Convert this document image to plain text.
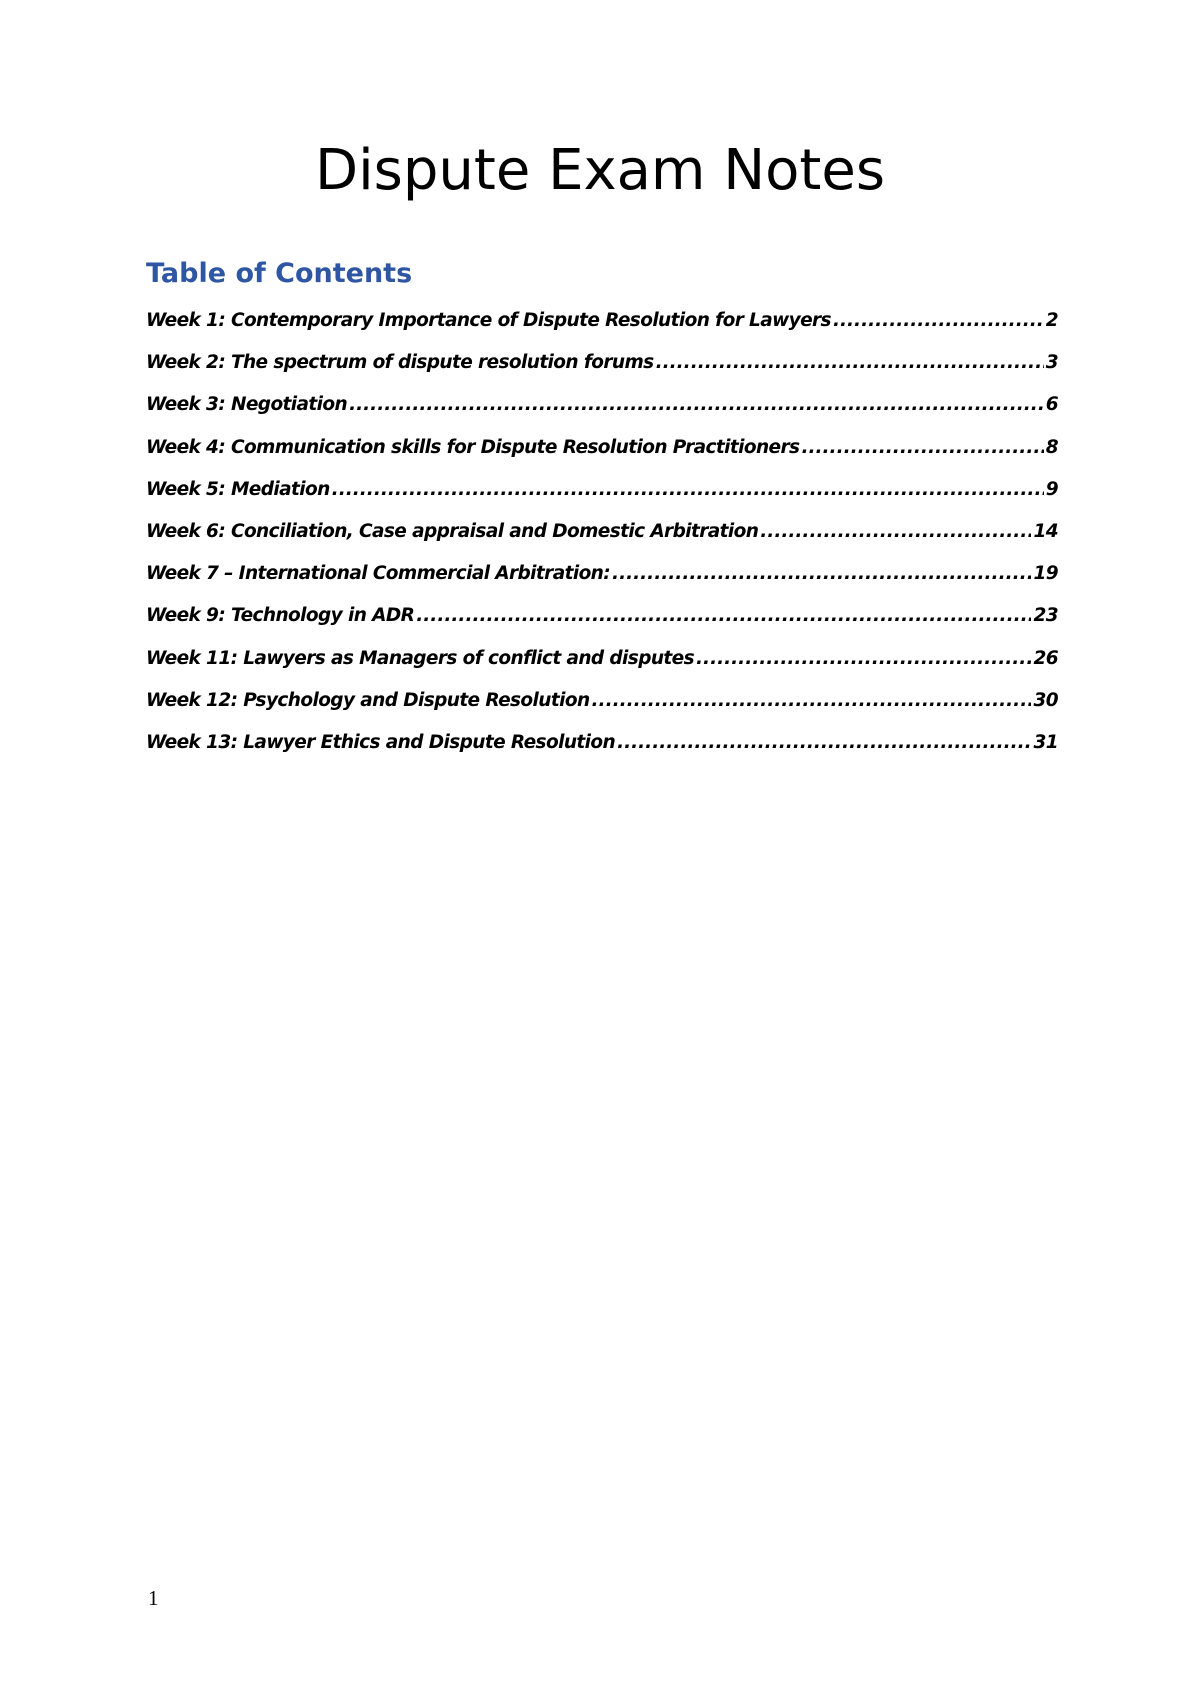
Dispute Exam Notes
Table of Contents
Week 1: Contemporary Importance of Dispute Resolution for Lawyers .....	2
Week 2: The spectrum of dispute resolution forums .....	3
Week 3: Negotiation .....	6
Week 4: Communication skills for Dispute Resolution Practitioners .....	8
Week 5: Mediation .....	9
Week 6: Conciliation, Case appraisal and Domestic Arbitration .....	14
Week 7 – International Commercial Arbitration: .....	19
Week 9: Technology in ADR .....	23
Week 11: Lawyers as Managers of conflict and disputes .....	26
Week 12: Psychology and Dispute Resolution .....	30
Week 13: Lawyer Ethics and Dispute Resolution .....	31
1
